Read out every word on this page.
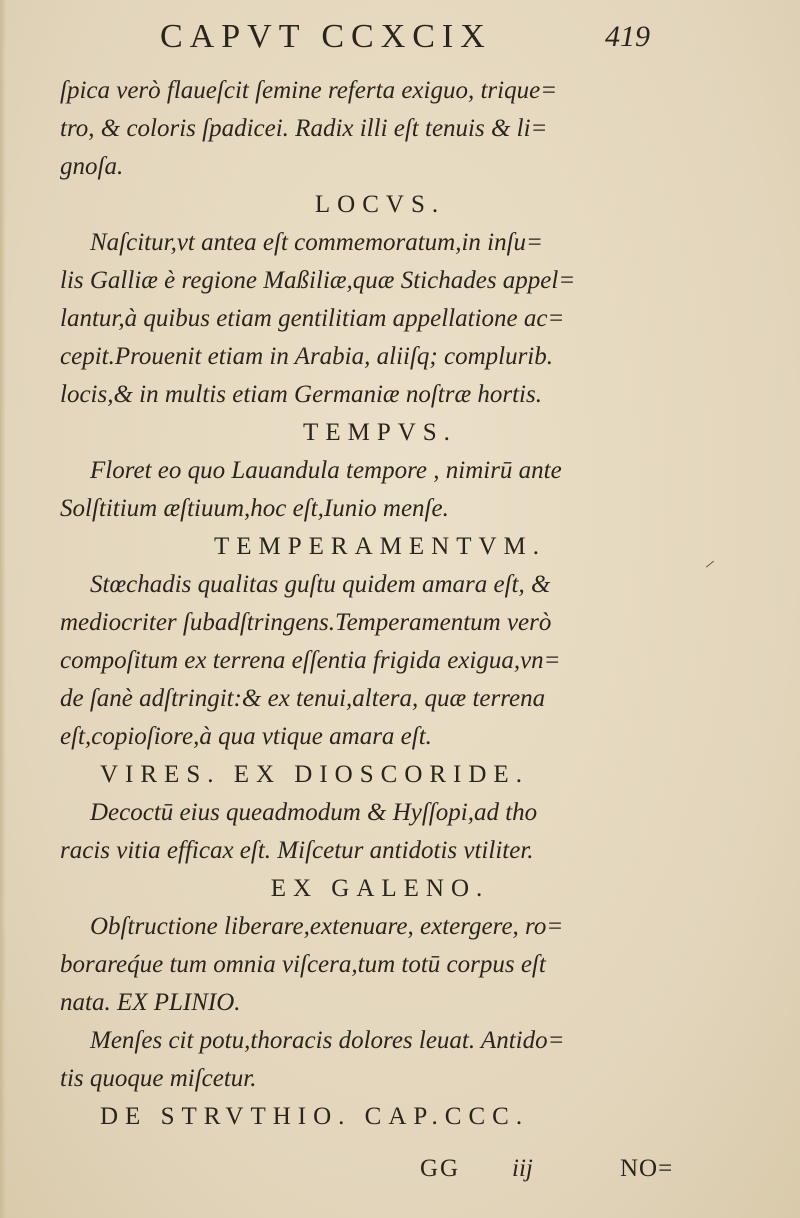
CAPVT CCXCIX	419
ſpica verò flaueſcit ſemine referta exiguo, trique=
tro, & coloris ſpadicei. Radix illi eſt tenuis & li=
gnoſa.
LOCVS.
Naſcitur,vt antea eſt commemoratum,in inſu=
lis Galliæ è regione Maßiliæ,quæ Stichades appel=
lantur,à quibus etiam gentilitiam appellatione ac=
cepit.Prouenit etiam in Arabia, aliiſq; complurib.
locis,& in multis etiam Germaniæ noſtræ hortis.
TEMPVS.
Floret eo quo Lauandula tempore , nimirū ante
Solſtitium æſtiuum,hoc eſt,Iunio menſe.
TEMPERAMENTVM.
Stœchadis qualitas guſtu quidem amara eſt, &
mediocriter ſubadſtringens.Temperamentum verò
compoſitum ex terrena eſſentia frigida exigua,vn=
de ſanè adſtringit:& ex tenui,altera, quæ terrena
eſt,copioſiore,à qua vtique amara eſt.
VIRES. EX DIOSCORIDE.
Decoctū eius queadmodum & Hyſſopi,ad tho
racis vitia efficax eſt. Miſcetur antidotis vtiliter.
EX GALENO.
Obſtructione liberare,extenuare, extergere, ro=
borareq́ue tum omnia viſcera,tum totū corpus eſt
nata. EX PLINIO.
Menſes cit potu,thoracis dolores leuat. Antido=
tis quoque miſcetur.
DE STRVTHIO. CAP.CCC.
⸝
GG iij	NO=
